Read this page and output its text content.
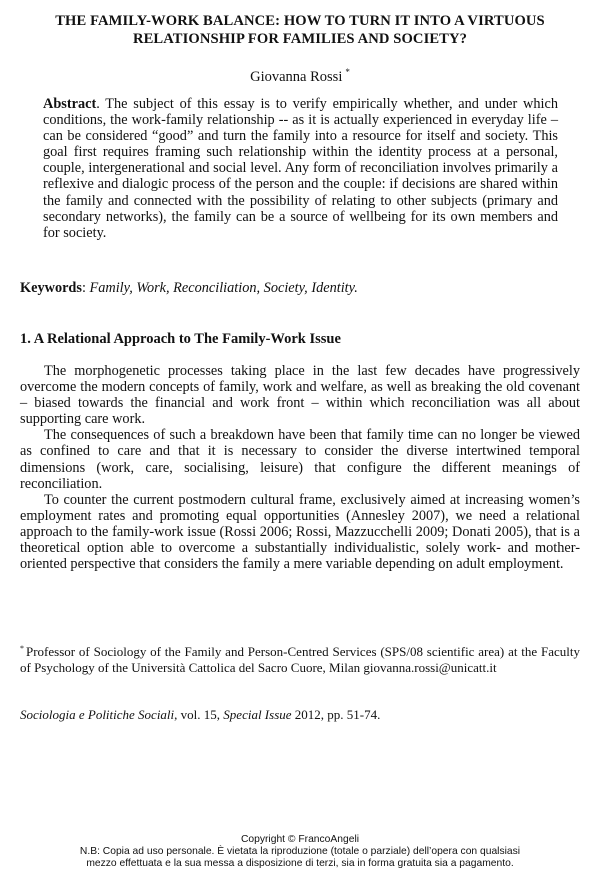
THE FAMILY-WORK BALANCE: HOW TO TURN IT INTO A VIRTUOUS
RELATIONSHIP FOR FAMILIES AND SOCIETY?
Giovanna Rossi *
Abstract. The subject of this essay is to verify empirically whether, and under which conditions, the work-family relationship -- as it is actually experienced in everyday life – can be considered “good” and turn the family into a resource for itself and society. This goal first requires framing such relationship within the identity process at a personal, couple, intergenerational and social level. Any form of reconciliation involves primarily a reflexive and dialogic process of the person and the couple: if decisions are shared within the family and connected with the possibility of relating to other subjects (primary and secondary networks), the family can be a source of wellbeing for its own members and for society.
Keywords: Family, Work, Reconciliation, Society, Identity.
1. A Relational Approach to The Family-Work Issue

The morphogenetic processes taking place in the last few decades have progressively overcome the modern concepts of family, work and welfare, as well as breaking the old covenant – biased towards the financial and work front – within which reconciliation was all about supporting care work.

The consequences of such a breakdown have been that family time can no longer be viewed as confined to care and that it is necessary to consider the diverse intertwined temporal dimensions (work, care, socialising, leisure) that configure the different meanings of reconciliation.

To counter the current postmodern cultural frame, exclusively aimed at increasing women’s employment rates and promoting equal opportunities (Annesley 2007), we need a relational approach to the family-work issue (Rossi 2006; Rossi, Mazzucchelli 2009; Donati 2005), that is a theoretical option able to overcome a substantially individualistic, solely work- and mother-oriented perspective that considers the family a mere variable depending on adult employment.

* Professor of Sociology of the Family and Person-Centred Services (SPS/08 scientific area) at the Faculty of Psychology of the Università Cattolica del Sacro Cuore, Milan giovanna.rossi@unicatt.it
Sociologia e Politiche Sociali, vol. 15, Special Issue 2012, pp. 51-74.
Copyright © FrancoAngeli
N.B: Copia ad uso personale. È vietata la riproduzione (totale o parziale) dell’opera con qualsiasi
mezzo effettuata e la sua messa a disposizione di terzi, sia in forma gratuita sia a pagamento.
